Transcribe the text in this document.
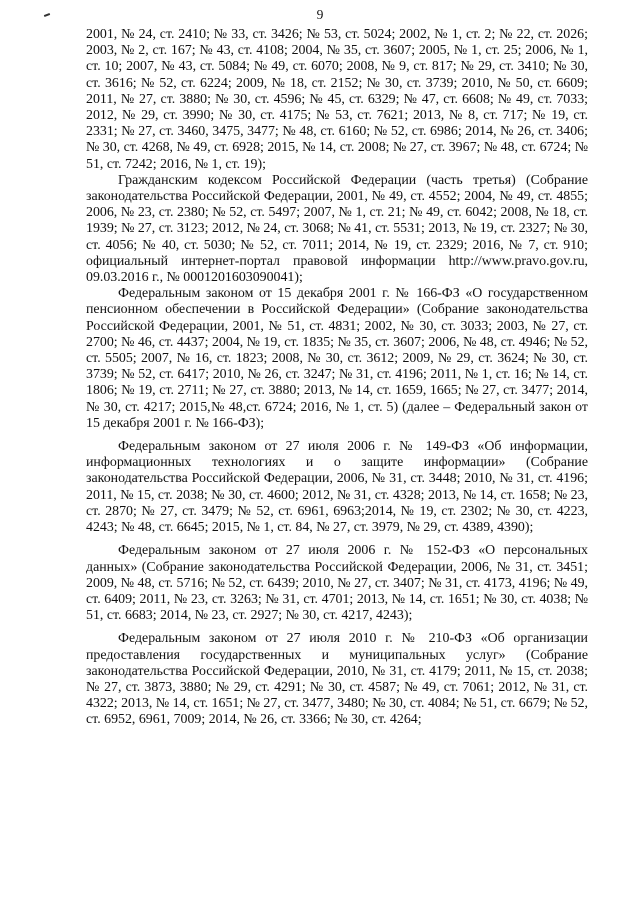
9

2001, № 24, ст. 2410; № 33, ст. 3426; № 53, ст. 5024; 2002, № 1, ст. 2; № 22, ст. 2026; 2003, № 2, ст. 167; № 43, ст. 4108; 2004, № 35, ст. 3607; 2005, № 1, ст. 25; 2006, № 1, ст. 10; 2007, № 43, ст. 5084; № 49, ст. 6070; 2008, № 9, ст. 817; № 29, ст. 3410; № 30, ст. 3616; № 52, ст. 6224; 2009, № 18, ст. 2152; № 30, ст. 3739; 2010, № 50, ст. 6609; 2011, № 27, ст. 3880; № 30, ст. 4596; № 45, ст. 6329; № 47, ст. 6608; № 49, ст. 7033; 2012, № 29, ст. 3990; № 30, ст. 4175; № 53, ст. 7621; 2013, № 8, ст. 717; № 19, ст. 2331; № 27, ст. 3460, 3475, 3477; № 48, ст. 6160; № 52, ст. 6986; 2014, № 26, ст. 3406; № 30, ст. 4268, № 49, ст. 6928; 2015, № 14, ст. 2008; № 27, ст. 3967; № 48, ст. 6724; № 51, ст. 7242; 2016, № 1, ст. 19);

Гражданским кодексом Российской Федерации (часть третья) (Собрание законодательства Российской Федерации, 2001, № 49, ст. 4552; 2004, № 49, ст. 4855; 2006, № 23, ст. 2380; № 52, ст. 5497; 2007, № 1, ст. 21; № 49, ст. 6042; 2008, № 18, ст. 1939; № 27, ст. 3123; 2012, № 24, ст. 3068; № 41, ст. 5531; 2013, № 19, ст. 2327; № 30, ст. 4056; № 40, ст. 5030; № 52, ст. 7011; 2014, № 19, ст. 2329; 2016, № 7, ст. 910; официальный интернет-портал правовой информации http://www.pravo.gov.ru, 09.03.2016 г., № 0001201603090041);

Федеральным законом от 15 декабря 2001 г. № 166-ФЗ «О государственном пенсионном обеспечении в Российской Федерации» (Собрание законодательства Российской Федерации, 2001, № 51, ст. 4831; 2002, № 30, ст. 3033; 2003, № 27, ст. 2700; № 46, ст. 4437; 2004, № 19, ст. 1835; № 35, ст. 3607; 2006, № 48, ст. 4946; № 52, ст. 5505; 2007, № 16, ст. 1823; 2008, № 30, ст. 3612; 2009, № 29, ст. 3624; № 30, ст. 3739; № 52, ст. 6417; 2010, № 26, ст. 3247; № 31, ст. 4196; 2011, № 1, ст. 16; № 14, ст. 1806; № 19, ст. 2711; № 27, ст. 3880; 2013, № 14, ст. 1659, 1665; № 27, ст. 3477; 2014, № 30, ст. 4217; 2015,№ 48,ст. 6724; 2016, № 1, ст. 5) (далее – Федеральный закон от 15 декабря 2001 г. № 166-ФЗ);

Федеральным законом от 27 июля 2006 г. № 149-ФЗ «Об информации, информационных технологиях и о защите информации» (Собрание законодательства Российской Федерации, 2006, № 31, ст. 3448; 2010, № 31, ст. 4196; 2011, № 15, ст. 2038; № 30, ст. 4600; 2012, № 31, ст. 4328; 2013, № 14, ст. 1658; № 23, ст. 2870; № 27, ст. 3479; № 52, ст. 6961, 6963;2014, № 19, ст. 2302; № 30, ст. 4223, 4243; № 48, ст. 6645; 2015, № 1, ст. 84, № 27, ст. 3979, № 29, ст. 4389, 4390);

Федеральным законом от 27 июля 2006 г. № 152-ФЗ «О персональных данных» (Собрание законодательства Российской Федерации, 2006, № 31, ст. 3451; 2009, № 48, ст. 5716; № 52, ст. 6439; 2010, № 27, ст. 3407; № 31, ст. 4173, 4196; № 49, ст. 6409; 2011, № 23, ст. 3263; № 31, ст. 4701; 2013, № 14, ст. 1651; № 30, ст. 4038; № 51, ст. 6683; 2014, № 23, ст. 2927; № 30, ст. 4217, 4243);

Федеральным законом от 27 июля 2010 г. № 210-ФЗ «Об организации предоставления государственных и муниципальных услуг» (Собрание законодательства Российской Федерации, 2010, № 31, ст. 4179; 2011, № 15, ст. 2038; № 27, ст. 3873, 3880; № 29, ст. 4291; № 30, ст. 4587; № 49, ст. 7061; 2012, № 31, ст. 4322; 2013, № 14, ст. 1651; № 27, ст. 3477, 3480; № 30, ст. 4084; № 51, ст. 6679; № 52, ст. 6952, 6961, 7009; 2014, № 26, ст. 3366; № 30, ст. 4264;
